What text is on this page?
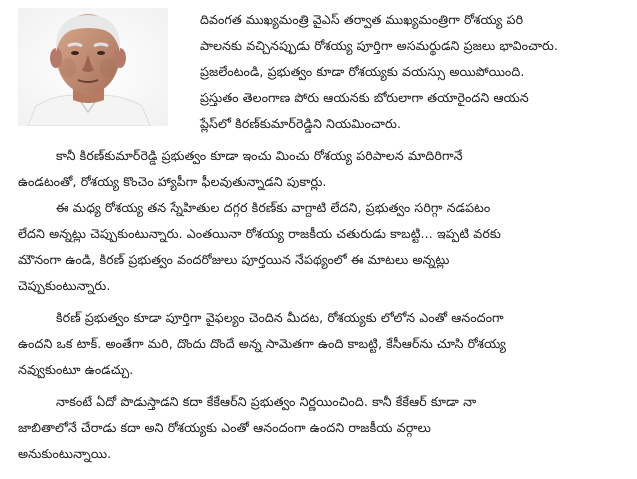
దివంగత ముఖ్యమంత్రి వైఎస్ తర్వాత ముఖ్యమంత్రిగా రోశయ్య పరి
పాలనకు వచ్చినప్పుడు రోశయ్య పూర్తిగా అసమర్థుడని ప్రజలు భావించారు.
ప్రజలేంటండి, ప్రభుత్వం కూడా రోశయ్యకు వయస్సు అయిపోయింది.
ప్రస్తుతం తెలంగాణ పోరు ఆయనకు బోరులాగా తయారైందని ఆయన
ప్లేస్‌లో కిరణ్‌కుమార్‌రెడ్డిని నియమించారు.
కానీ కిరణ్‌కుమార్‌రెడ్డి ప్రభుత్వం కూడా ఇంచు మించు రోశయ్య పరిపాలన మాదిరిగానే
ఉండటంతో, రోశయ్య కొంచెం హ్యాపీగా ఫీలవుతున్నాడని పుకార్లు.
ఈ మధ్య రోశయ్య తన స్నేహితుల దగ్గర కిరణ్‌కు వాగ్దాటి లేదని, ప్రభుత్వం సరిగ్గా నడపటం
లేదని అన్నట్లు చెప్పుకుంటున్నారు. ఎంతయినా రోశయ్య రాజకీయ చతురుడు కాబట్టి... ఇప్పటి వరకు
మౌనంగా ఉండి, కిరణ్ ప్రభుత్వం వందరోజులు పూర్తయిన నేపథ్యంలో ఈ మాటలు అన్నట్లు
చెప్పుకుంటున్నారు.
కిరణ్ ప్రభుత్వం కూడా పూర్తిగా వైఫల్యం చెందిన మీదట, రోశయ్యకు లోలోన ఎంతో ఆనందంగా
ఉందని ఒక టాక్. అంతేగా మరి, దొందు దొందే అన్న సామెతగా ఉంది కాబట్టి, కేసీఆర్‌ను చూసి రోశయ్య
నవ్వుకుంటూ ఉండచ్చు.
నాకంటే ఏదో పొడుస్తాడని కదా కేకేఆర్‌ని ప్రభుత్వం నిర్ణయించింది. కానీ కేకేఆర్ కూడా నా
జాబితాలోనే చేరాడు కదా అని రోశయ్యకు ఎంతో ఆనందంగా ఉందని రాజకీయ వర్గాలు
అనుకుంటున్నాయి.
